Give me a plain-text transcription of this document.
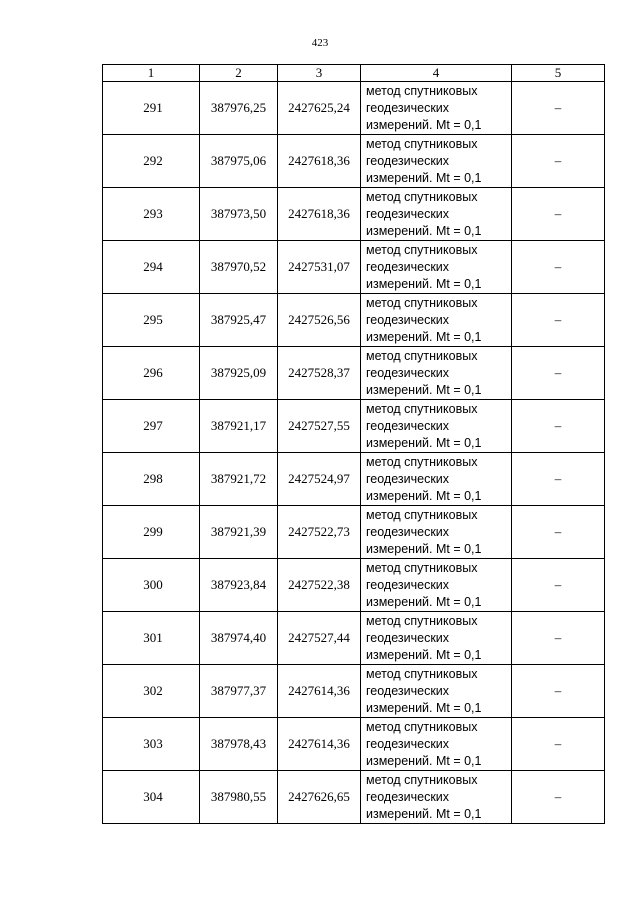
423
1	2	3	4	5
291	387976,25	2427625,24	метод спутниковых
геодезических
измерений. Mt = 0,1	–
292	387975,06	2427618,36	метод спутниковых
геодезических
измерений. Mt = 0,1	–
293	387973,50	2427618,36	метод спутниковых
геодезических
измерений. Mt = 0,1	–
294	387970,52	2427531,07	метод спутниковых
геодезических
измерений. Mt = 0,1	–
295	387925,47	2427526,56	метод спутниковых
геодезических
измерений. Mt = 0,1	–
296	387925,09	2427528,37	метод спутниковых
геодезических
измерений. Mt = 0,1	–
297	387921,17	2427527,55	метод спутниковых
геодезических
измерений. Mt = 0,1	–
298	387921,72	2427524,97	метод спутниковых
геодезических
измерений. Mt = 0,1	–
299	387921,39	2427522,73	метод спутниковых
геодезических
измерений. Mt = 0,1	–
300	387923,84	2427522,38	метод спутниковых
геодезических
измерений. Mt = 0,1	–
301	387974,40	2427527,44	метод спутниковых
геодезических
измерений. Mt = 0,1	–
302	387977,37	2427614,36	метод спутниковых
геодезических
измерений. Mt = 0,1	–
303	387978,43	2427614,36	метод спутниковых
геодезических
измерений. Mt = 0,1	–
304	387980,55	2427626,65	метод спутниковых
геодезических
измерений. Mt = 0,1	–
